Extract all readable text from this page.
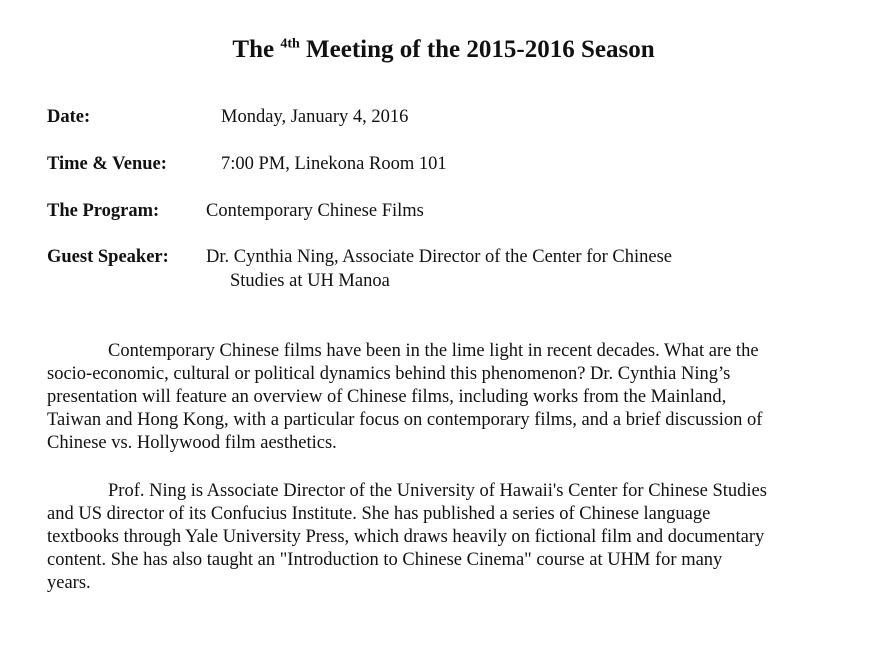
The $^{4th}$ Meeting of the 2015-2016 Season
Date:	Monday, January 4, 2016
Time & Venue:	7:00 PM, Linekona Room 101
The Program:	Contemporary Chinese Films
Guest Speaker: Dr. Cynthia Ning, Associate Director of the Center for Chinese
Studies at UH Manoa
Contemporary Chinese films have been in the lime light in recent decades. What are the
socio-economic, cultural or political dynamics behind this phenomenon? Dr. Cynthia Ning’s
presentation will feature an overview of Chinese films, including works from the Mainland,
Taiwan and Hong Kong, with a particular focus on contemporary films, and a brief discussion of
Chinese vs. Hollywood film aesthetics.
Prof. Ning is Associate Director of the University of Hawaii's Center for Chinese Studies
and US director of its Confucius Institute. She has published a series of Chinese language
textbooks through Yale University Press, which draws heavily on fictional film and documentary
content. She has also taught an "Introduction to Chinese Cinema" course at UHM for many
years.
